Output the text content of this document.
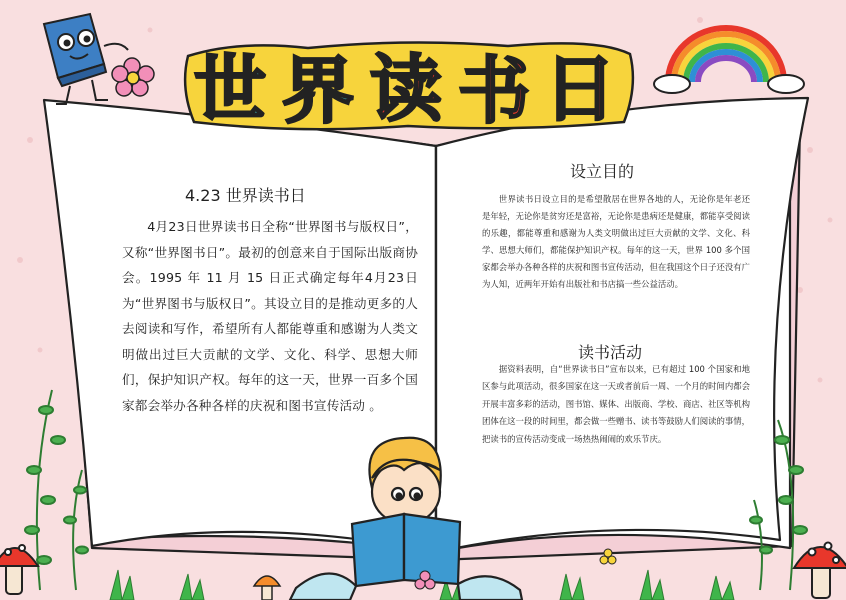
世 界 读 书 日
4.23 世界读书日
4月23日世界读书日全称“世界图书与版权日”，又称“世界图书日”。最初的创意来自于国际出版商协会。1995 年 11 月 15 日正式确定每年4月23日为“世界图书与版权日”。其设立目的是推动更多的人去阅读和写作，希望所有人都能尊重和感谢为人类文明做出过巨大贡献的文学、文化、科学、思想大师们，保护知识产权。每年的这一天，世界一百多个国家都会举办各种各样的庆祝和图书宣传活动 。
设立目的
世界读书日设立目的是希望散居在世界各地的人，无论你是年老还是年轻，无论你是贫穷还是富裕，无论你是患病还是健康，都能享受阅读的乐趣，都能尊重和感谢为人类文明做出过巨大贡献的文学、文化、科学、思想大师们，都能保护知识产权。每年的这一天，世界 100 多个国家都会举办各种各样的庆祝和图书宣传活动，但在我国这个日子还没有广为人知，近两年开始有出版社和书店搞一些公益活动。
读书活动
据资料表明，自“世界读书日”宣布以来，已有超过 100 个国家和地区参与此项活动，很多国家在这一天或者前后一周、一个月的时间内都会开展丰富多彩的活动，图书馆、媒体、出版商、学校、商店、社区等机构团体在这一段的时间里，都会做一些赠书、读书等鼓励人们阅读的事情，把读书的宣传活动变成一场热热闹闹的欢乐节庆。
